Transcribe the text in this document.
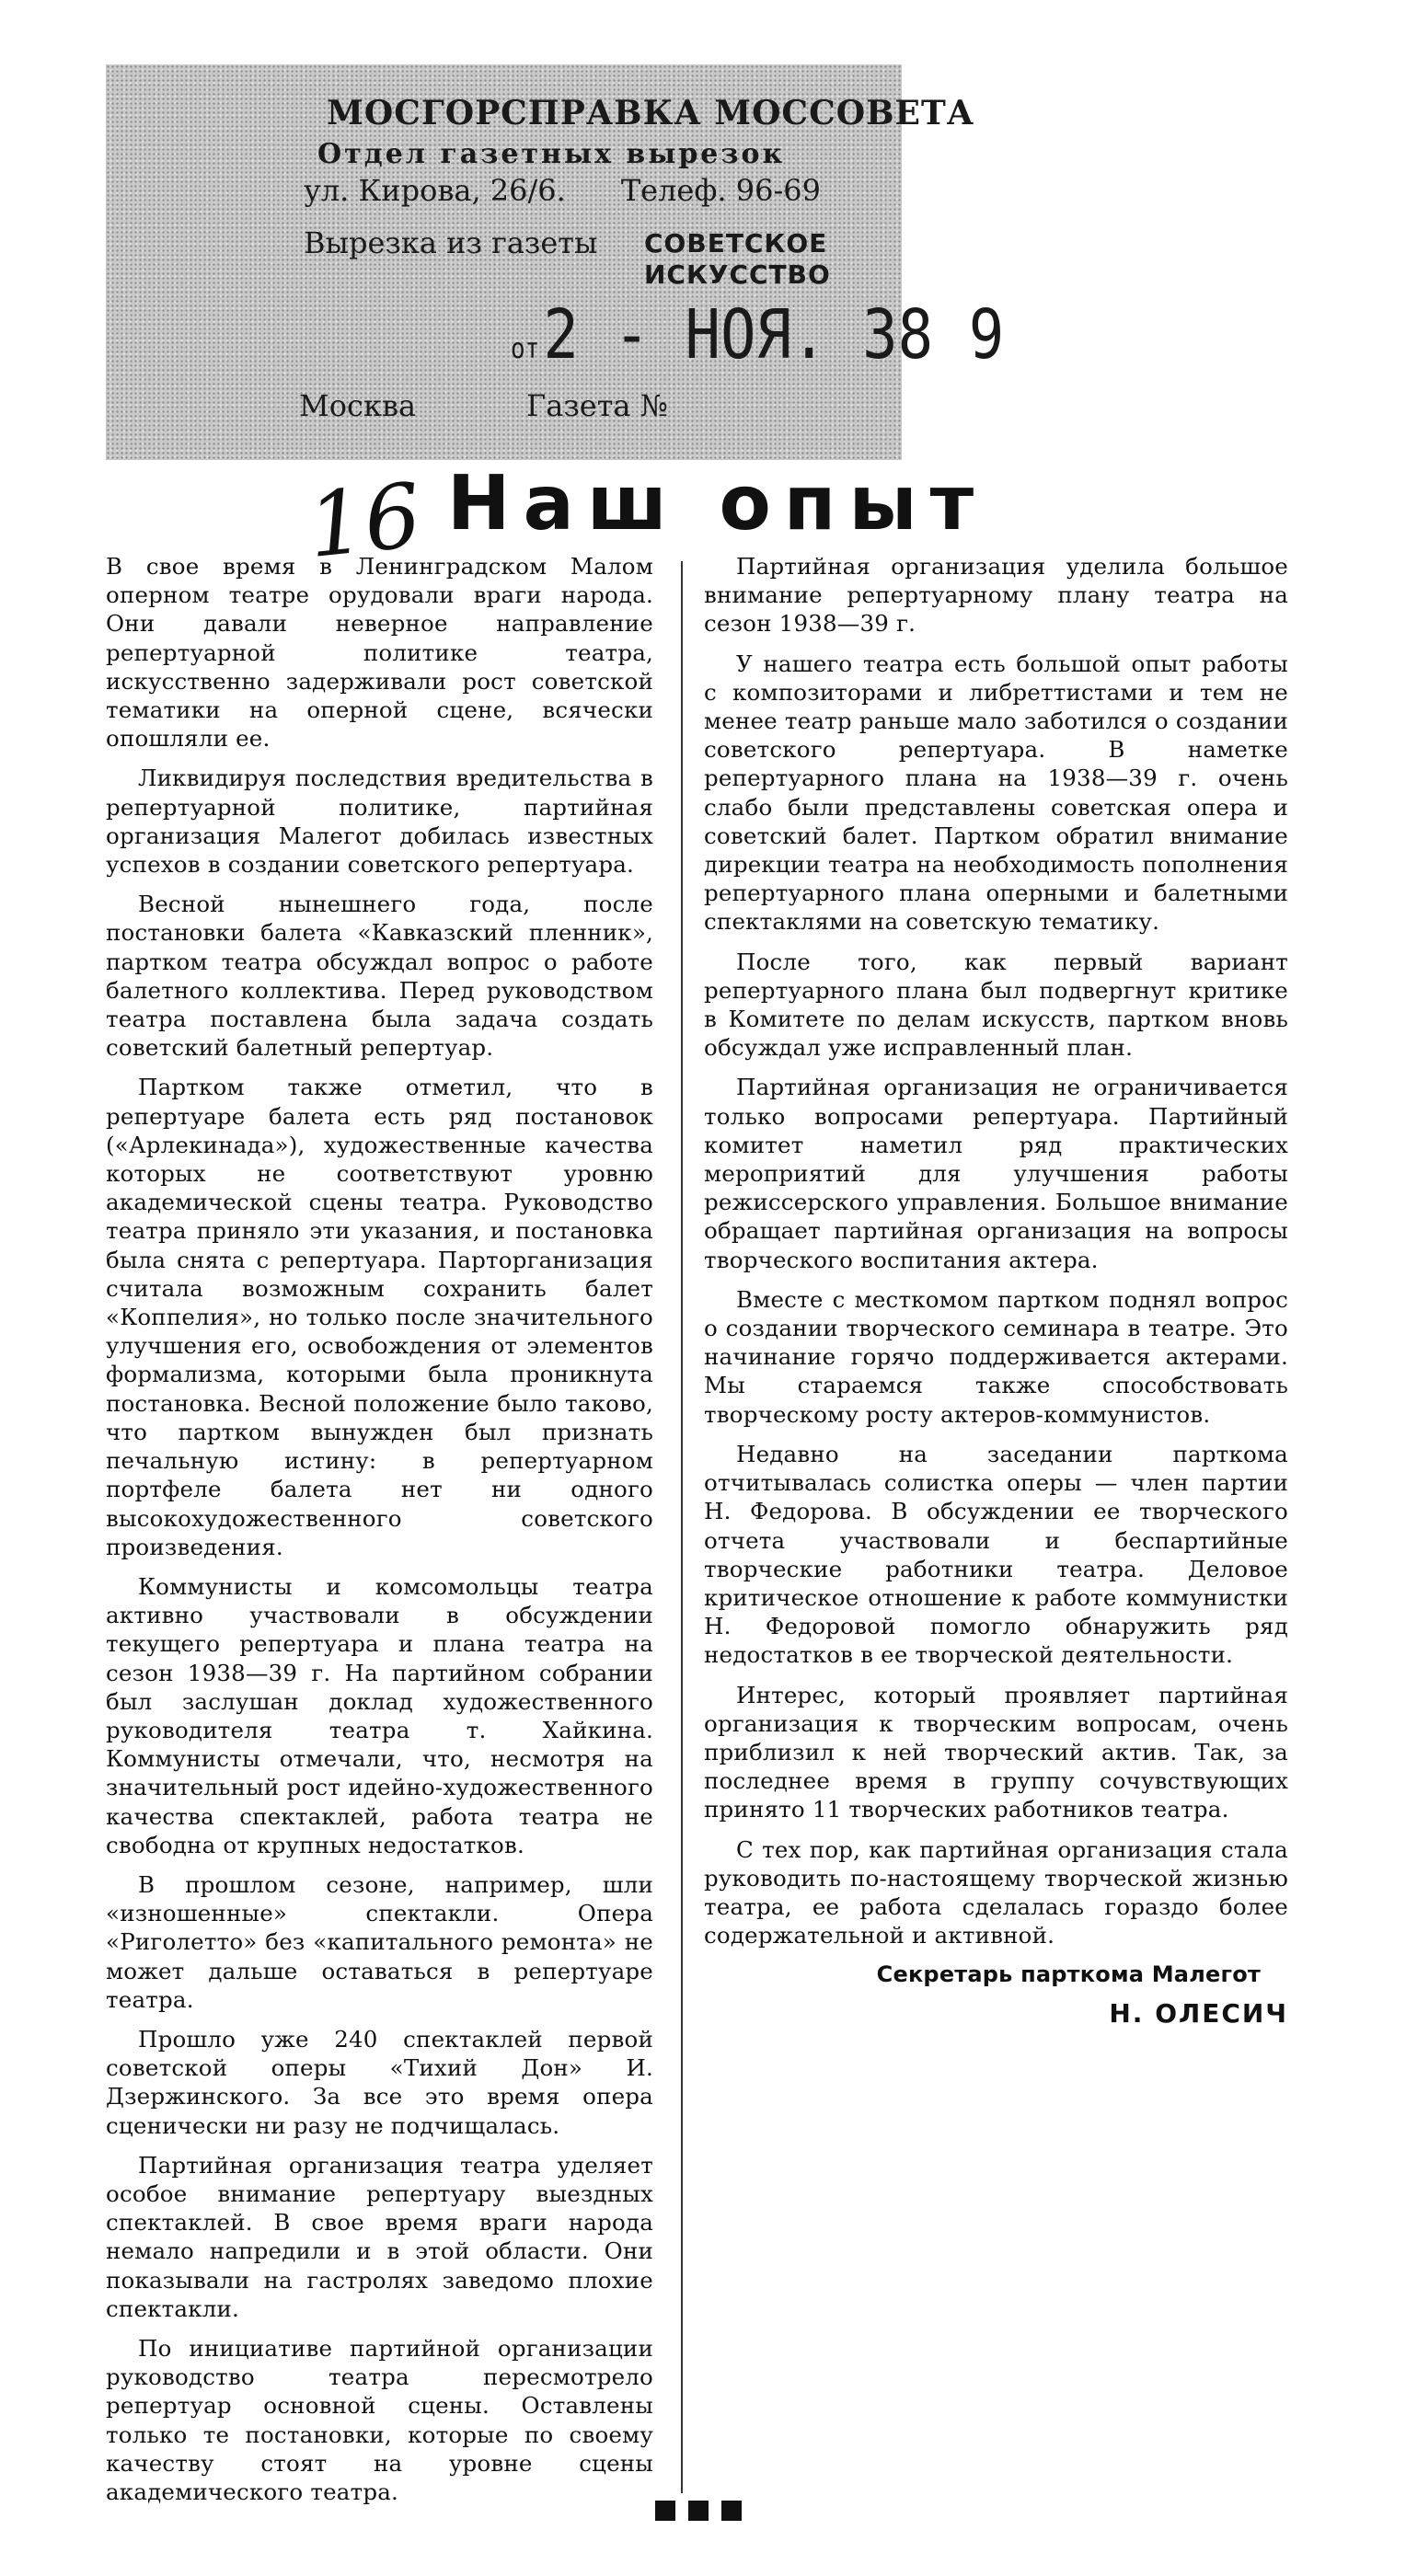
МОСГОРСПРАВКА МОССОВЕТА
Отдел газетных вырезок
ул. Кирова, 26/6. Телеф. 96-69
Вырезка из газеты СОВЕТСКОЕ ИСКУССТВО
от2 - НОЯ. 38 9
Москва	Газета №
16 Наш опыт

В свое время в Ленинградском Малом оперном театре орудовали враги народа. Они давали неверное направление репертуарной политике театра, искусственно задерживали рост советской тематики на оперной сцене, всячески опошляли ее.

Ликвидируя последствия вредительства в репертуарной политике, партийная организация Малегот добилась известных успехов в создании советского репертуара.

Весной нынешнего года, после постановки балета «Кавказский пленник», партком театра обсуждал вопрос о работе балетного коллектива. Перед руководством театра поставлена была задача создать советский балетный репертуар.

Партком также отметил, что в репертуаре балета есть ряд постановок («Арлекинада»), художественные качества которых не соответствуют уровню академической сцены театра. Руководство театра приняло эти указания, и постановка была снята с репертуара. Парторганизация считала возможным сохранить балет «Коппелия», но только после значительного улучшения его, освобождения от элементов формализма, которыми была проникнута постановка. Весной положение было таково, что партком вынужден был признать печальную истину: в репертуарном портфеле балета нет ни одного высокохудожественного советского произведения.

Коммунисты и комсомольцы театра активно участвовали в обсуждении текущего репертуара и плана театра на сезон 1938—39 г. На партийном собрании был заслушан доклад художественного руководителя театра т. Хайкина. Коммунисты отмечали, что, несмотря на значительный рост идейно-художественного качества спектаклей, работа театра не свободна от крупных недостатков.

В прошлом сезоне, например, шли «изношенные» спектакли. Опера «Риголетто» без «капитального ремонта» не может дальше оставаться в репертуаре театра.

Прошло уже 240 спектаклей первой советской оперы «Тихий Дон» И. Дзержинского. За все это время опера сценически ни разу не подчищалась.

Партийная организация театра уделяет особое внимание репертуару выездных спектаклей. В свое время враги народа немало напредили и в этой области. Они показывали на гастролях заведомо плохие спектакли.

По инициативе партийной организации руководство театра пересмотрело репертуар основной сцены. Оставлены только те постановки, которые по своему качеству стоят на уровне сцены академического театра.

Партийная организация уделила большое внимание репертуарному плану театра на сезон 1938—39 г.

У нашего театра есть большой опыт работы с композиторами и либреттистами и тем не менее театр раньше мало заботился о создании советского репертуара. В наметке репертуарного плана на 1938—39 г. очень слабо были представлены советская опера и советский балет. Партком обратил внимание дирекции театра на необходимость пополнения репертуарного плана оперными и балетными спектаклями на советскую тематику.

После того, как первый вариант репертуарного плана был подвергнут критике в Комитете по делам искусств, партком вновь обсуждал уже исправленный план.

Партийная организация не ограничивается только вопросами репертуара. Партийный комитет наметил ряд практических мероприятий для улучшения работы режиссерского управления. Большое внимание обращает партийная организация на вопросы творческого воспитания актера.

Вместе с месткомом партком поднял вопрос о создании творческого семинара в театре. Это начинание горячо поддерживается актерами. Мы стараемся также способствовать творческому росту актеров-коммунистов.

Недавно на заседании парткома отчитывалась солистка оперы — член партии Н. Федорова. В обсуждении ее творческого отчета участвовали и беспартийные творческие работники театра. Деловое критическое отношение к работе коммунистки Н. Федоровой помогло обнаружить ряд недостатков в ее творческой деятельности.

Интерес, который проявляет партийная организация к творческим вопросам, очень приблизил к ней творческий актив. Так, за последнее время в группу сочувствующих принято 11 творческих работников театра.

С тех пор, как партийная организация стала руководить по-настоящему творческой жизнью театра, ее работа сделалась гораздо более содержательной и активной.

Секретарь парткома Малегот
Н. ОЛЕСИЧ
